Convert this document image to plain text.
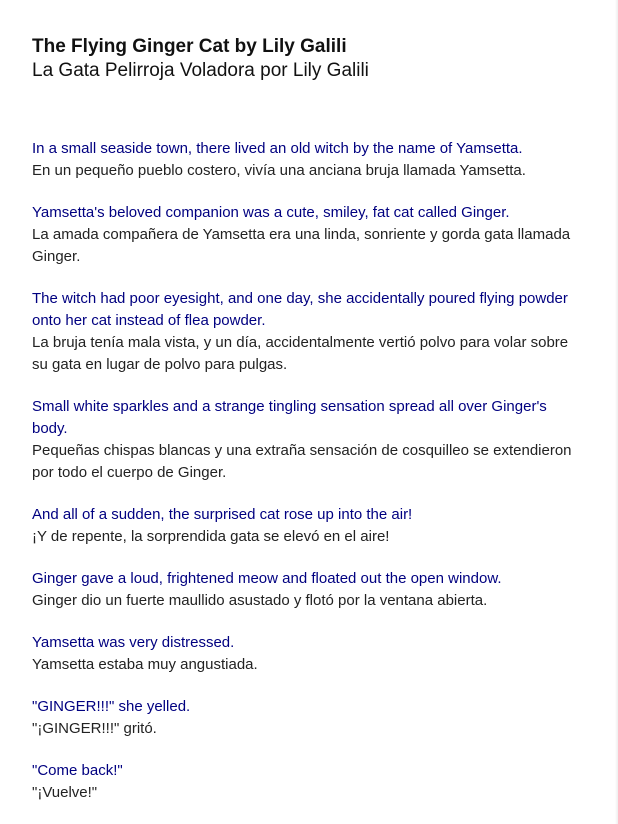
The Flying Ginger Cat by Lily Galili
La Gata Pelirroja Voladora por Lily Galili
In a small seaside town, there lived an old witch by the name of Yamsetta.
En un pequeño pueblo costero, vivía una anciana bruja llamada Yamsetta.
Yamsetta's beloved companion was a cute, smiley, fat cat called Ginger.
La amada compañera de Yamsetta era una linda, sonriente y gorda gata llamada Ginger.
The witch had poor eyesight, and one day, she accidentally poured flying powder onto her cat instead of flea powder.
La bruja tenía mala vista, y un día, accidentalmente vertió polvo para volar sobre su gata en lugar de polvo para pulgas.
Small white sparkles and a strange tingling sensation spread all over Ginger's body.
Pequeñas chispas blancas y una extraña sensación de cosquilleo se extendieron por todo el cuerpo de Ginger.
And all of a sudden, the surprised cat rose up into the air!
¡Y de repente, la sorprendida gata se elevó en el aire!
Ginger gave a loud, frightened meow and floated out the open window.
Ginger dio un fuerte maullido asustado y flotó por la ventana abierta.
Yamsetta was very distressed.
Yamsetta estaba muy angustiada.
"GINGER!!!" she yelled.
"¡GINGER!!!" gritó.
"Come back!"
"¡Vuelve!"
